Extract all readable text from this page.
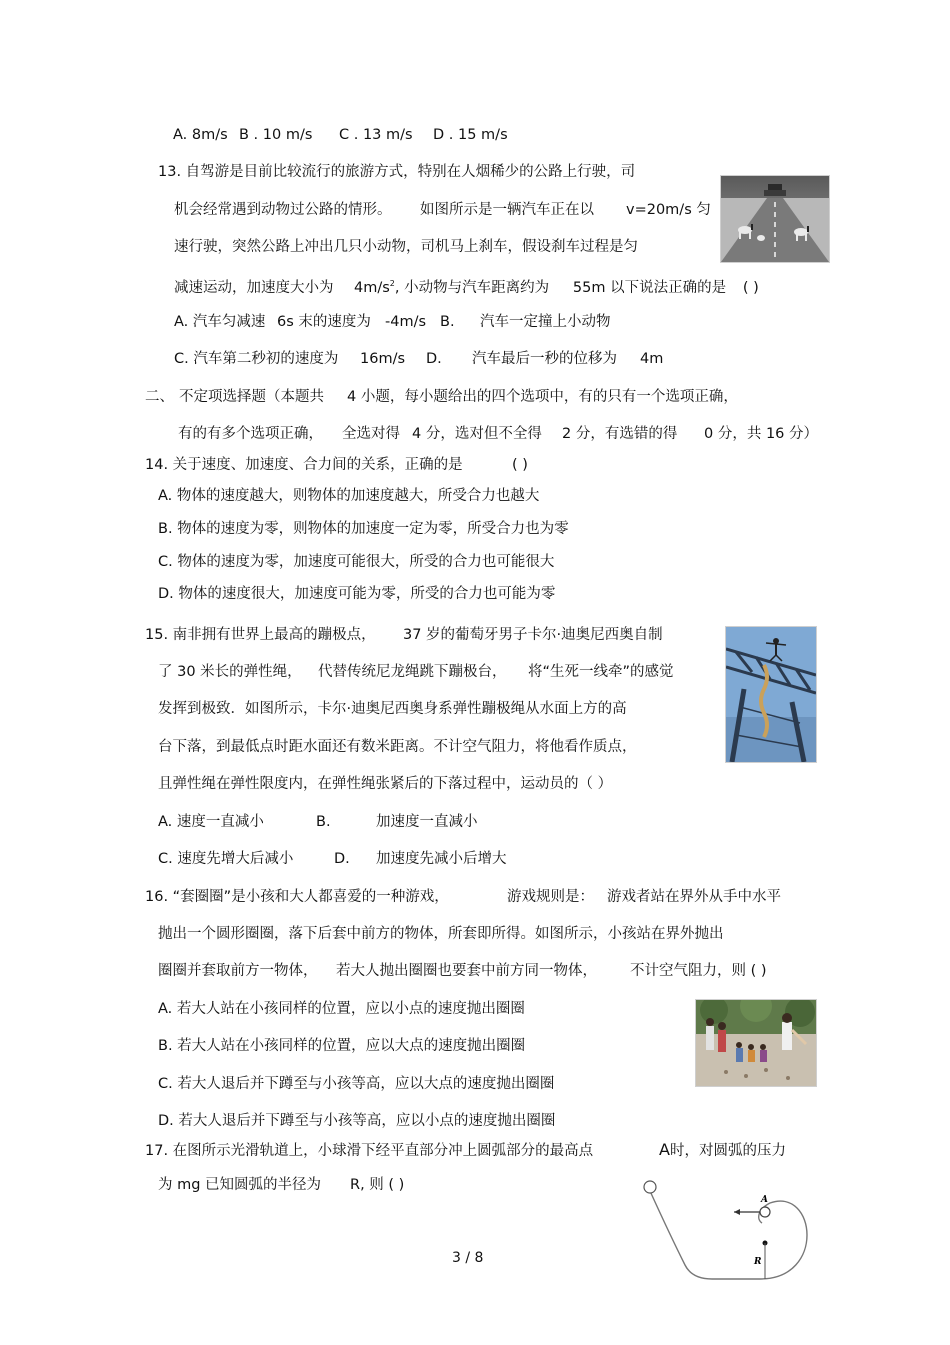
A. 8m/s B . 10 m/s C . 13 m/s D . 15 m/s
13. 自驾游是目前比较流行的旅游方式，特别在人烟稀少的公路上行驶，司
机会经常遇到动物过公路的情形。 如图所示是一辆汽车正在以 v=20m/s 匀
速行驶，突然公路上冲出几只小动物，司机马上刹车，假设刹车过程是匀
减速运动，加速度大小为 $4m/s^2$, 小动物与汽车距离约为 55m 以下说法正确的是 ( )
A. 汽车匀减速 6s 末的速度为 -4m/s B. 汽车一定撞上小动物
C. 汽车第二秒初的速度为 16m/s D. 汽车最后一秒的位移为 4m
二、 不定项选择题（本题共 4 小题，每小题给出的四个选项中，有的只有一个选项正确，
有的有多个选项正确， 全选对得 4 分，选对但不全得 2 分，有选错的得 0 分，共 16 分）
14. 关于速度、加速度、合力间的关系，正确的是	( )
A. 物体的速度越大，则物体的加速度越大，所受合力也越大
B. 物体的速度为零，则物体的加速度一定为零，所受合力也为零
C. 物体的速度为零，加速度可能很大，所受的合力也可能很大
D. 物体的速度很大，加速度可能为零，所受的合力也可能为零
15. 南非拥有世界上最高的蹦极点， 37 岁的葡萄牙男子卡尔·迪奥尼西奥自制
了 30 米长的弹性绳， 代替传统尼龙绳跳下蹦极台， 将“生死一线牵”的感觉
发挥到极致．如图所示，卡尔·迪奥尼西奥身系弹性蹦极绳从水面上方的高
台下落，到最低点时距水面还有数米距离。不计空气阻力，将他看作质点，
且弹性绳在弹性限度内，在弹性绳张紧后的下落过程中，运动员的（ ）
A. 速度一直减小	B.	加速度一直减小
C. 速度先增大后减小	D. 加速度先减小后增大
16. “套圈圈”是小孩和大人都喜爱的一种游戏，	游戏规则是： 游戏者站在界外从手中水平
抛出一个圆形圈圈，落下后套中前方的物体，所套即所得。如图所示，小孩站在界外抛出
圈圈并套取前方一物体， 若大人抛出圈圈也要套中前方同一物体， 不计空气阻力，则 ( )
A. 若大人站在小孩同样的位置，应以小点的速度抛出圈圈
B. 若大人站在小孩同样的位置，应以大点的速度抛出圈圈
C. 若大人退后并下蹲至与小孩等高，应以大点的速度抛出圈圈
D. 若大人退后并下蹲至与小孩等高，应以小点的速度抛出圈圈
17. 在图所示光滑轨道上，小球滑下经平直部分冲上圆弧部分的最高点	A时，对圆弧的压力
为 mg 已知圆弧的半径为 R, 则 ( )
A
R
3 / 8
